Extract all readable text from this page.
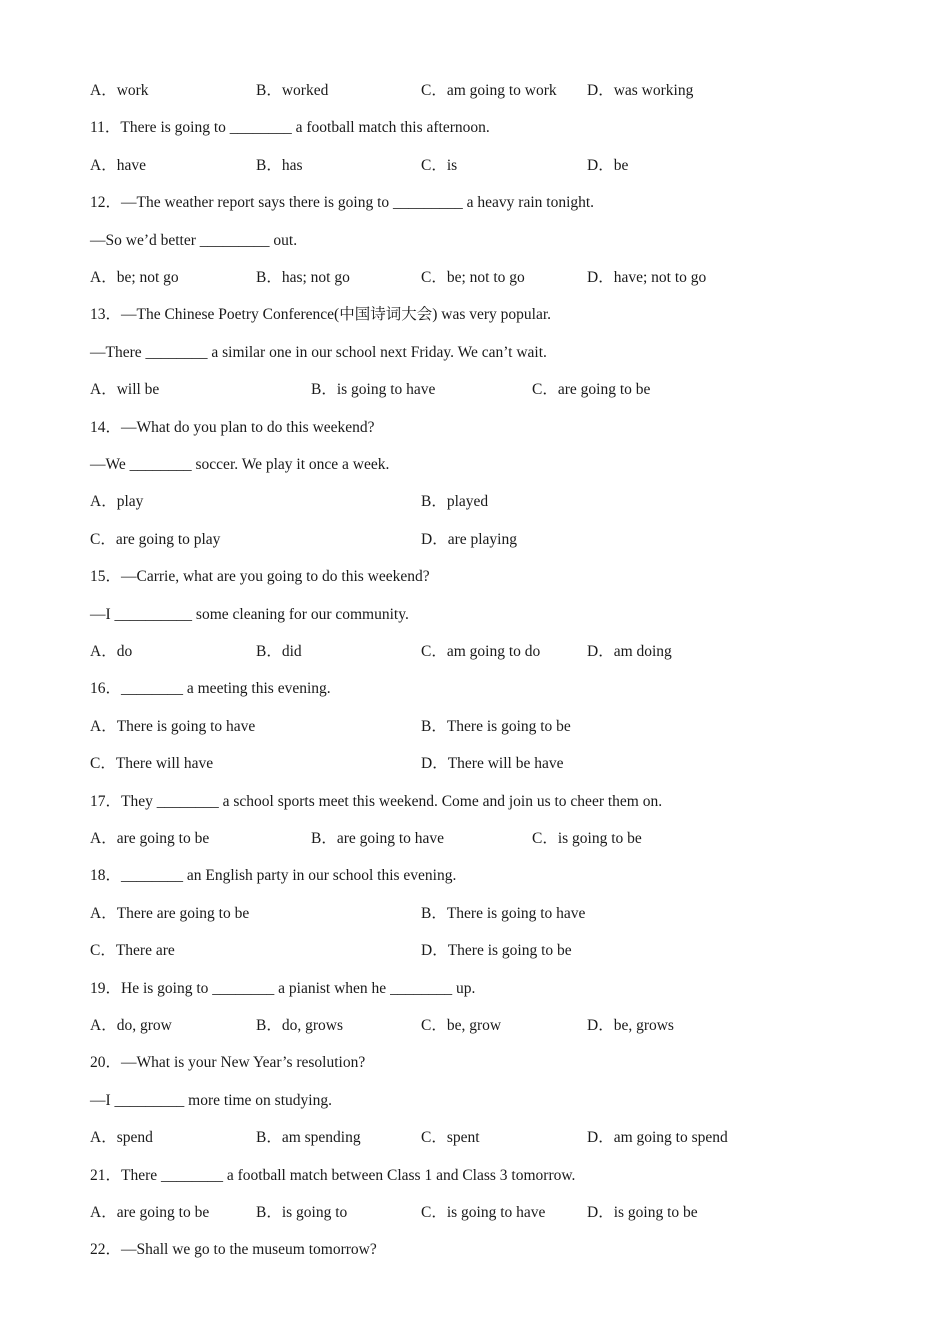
A．work	B．worked	C．am going to work D．was working
11．There is going to ________ a football match this afternoon.
A．have	B．has	C．is	D．be
12．—The weather report says there is going to _________ a heavy rain tonight.
—So we’d better _________ out.
A．be; not go	B．has; not go	C．be; not to go	D．have; not to go
13．—The Chinese Poetry Conference(中国诗词大会) was very popular.
—There ________ a similar one in our school next Friday. We can’t wait.
A．will be	B．is going to have	C．are going to be
14．—What do you plan to do this weekend?
—We ________ soccer. We play it once a week.
A．play	B．played
C．are going to play	D．are playing
15．—Carrie, what are you going to do this weekend?
—I __________ some cleaning for our community.
A．do	B．did	C．am going to do	D．am doing
16．________ a meeting this evening.
A．There is going to have	B．There is going to be
C．There will have	D．There will be have
17．They ________ a school sports meet this weekend. Come and join us to cheer them on.
A．are going to be	B．are going to have	C．is going to be
18．________ an English party in our school this evening.
A．There are going to be	B．There is going to have
C．There are	D．There is going to be
19．He is going to ________ a pianist when he ________ up.
A．do, grow	B．do, grows	C．be, grow	D．be, grows
20．—What is your New Year’s resolution?
—I _________ more time on studying.
A．spend	B．am spending	C．spent	D．am going to spend
21．There ________ a football match between Class 1 and Class 3 tomorrow.
A．are going to be	B．is going to	C．is going to have	D．is going to be
22．—Shall we go to the museum tomorrow?
